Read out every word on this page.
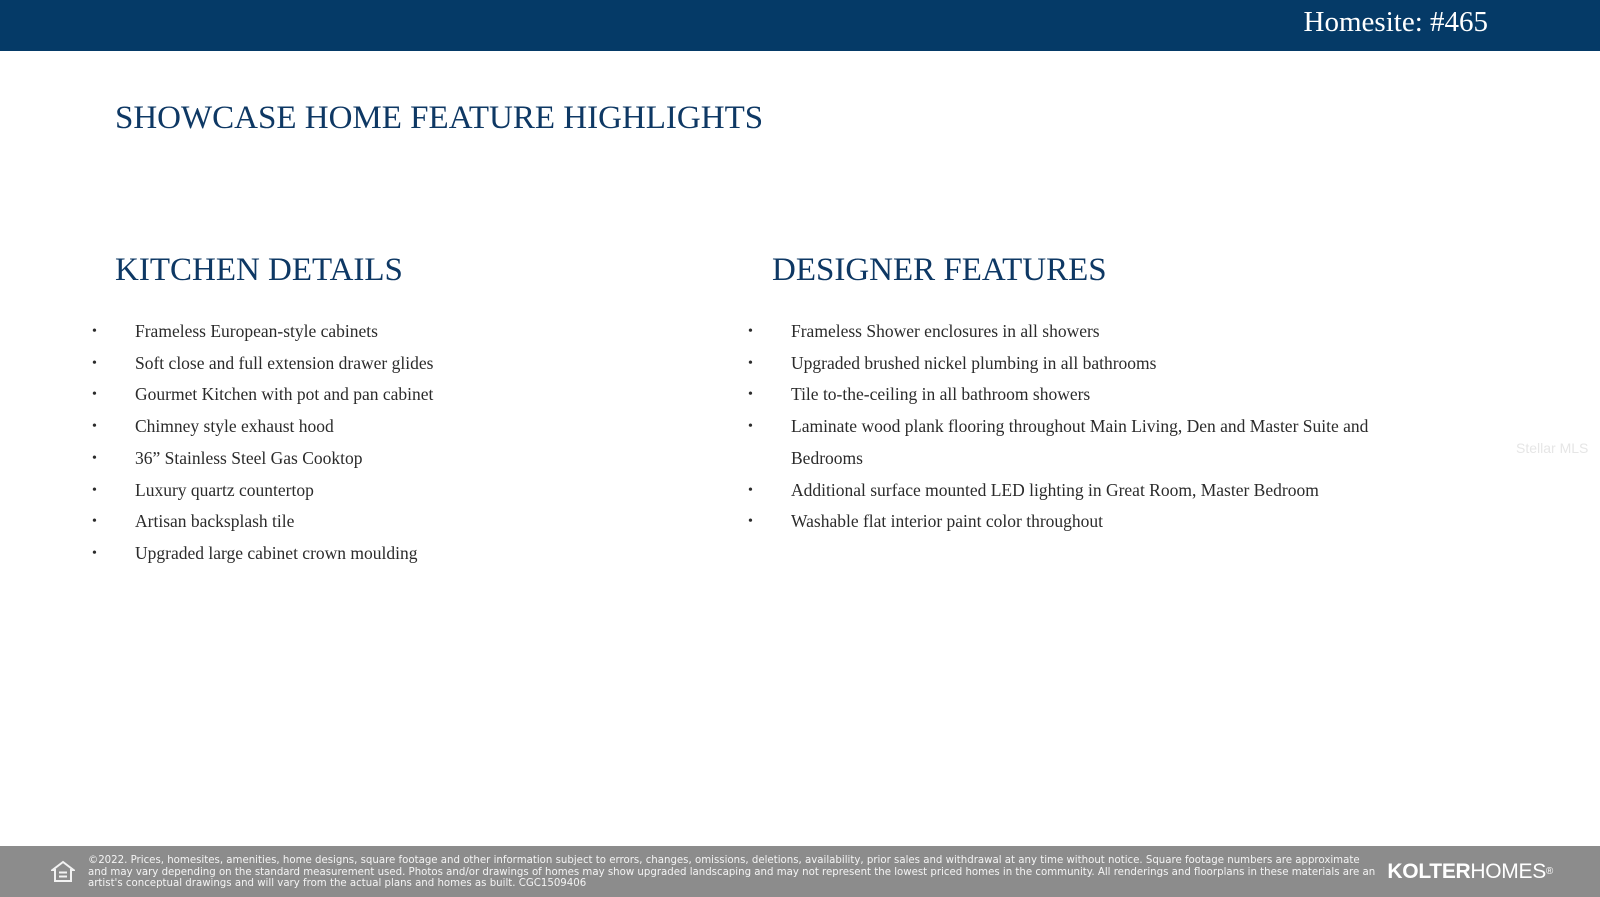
Homesite: #465
SHOWCASE HOME FEATURE HIGHLIGHTS
KITCHEN DETAILS
• Frameless European-style cabinets
• Soft close and full extension drawer glides
• Gourmet Kitchen with pot and pan cabinet
• Chimney style exhaust hood
• 36” Stainless Steel Gas Cooktop
• Luxury quartz countertop
• Artisan backsplash tile
• Upgraded large cabinet crown moulding
DESIGNER FEATURES
• Frameless Shower enclosures in all showers
• Upgraded brushed nickel plumbing in all bathrooms
• Tile to-the-ceiling in all bathroom showers
• Laminate wood plank flooring throughout Main Living, Den and Master Suite and Bedrooms
• Additional surface mounted LED lighting in Great Room, Master Bedroom
• Washable flat interior paint color throughout
Stellar MLS

©2022. Prices, homesites, amenities, home designs, square footage and other information subject to errors, changes, omissions, deletions, availability, prior sales and withdrawal at any time without notice. Square footage numbers are approximate and may vary depending on the standard measurement used. Photos and/or drawings of homes may show upgraded landscaping and may not represent the lowest priced homes in the community. All renderings and floorplans in these materials are an artist's conceptual drawings and will vary from the actual plans and homes as built. CGC1509406

KOLTERHOMES®
